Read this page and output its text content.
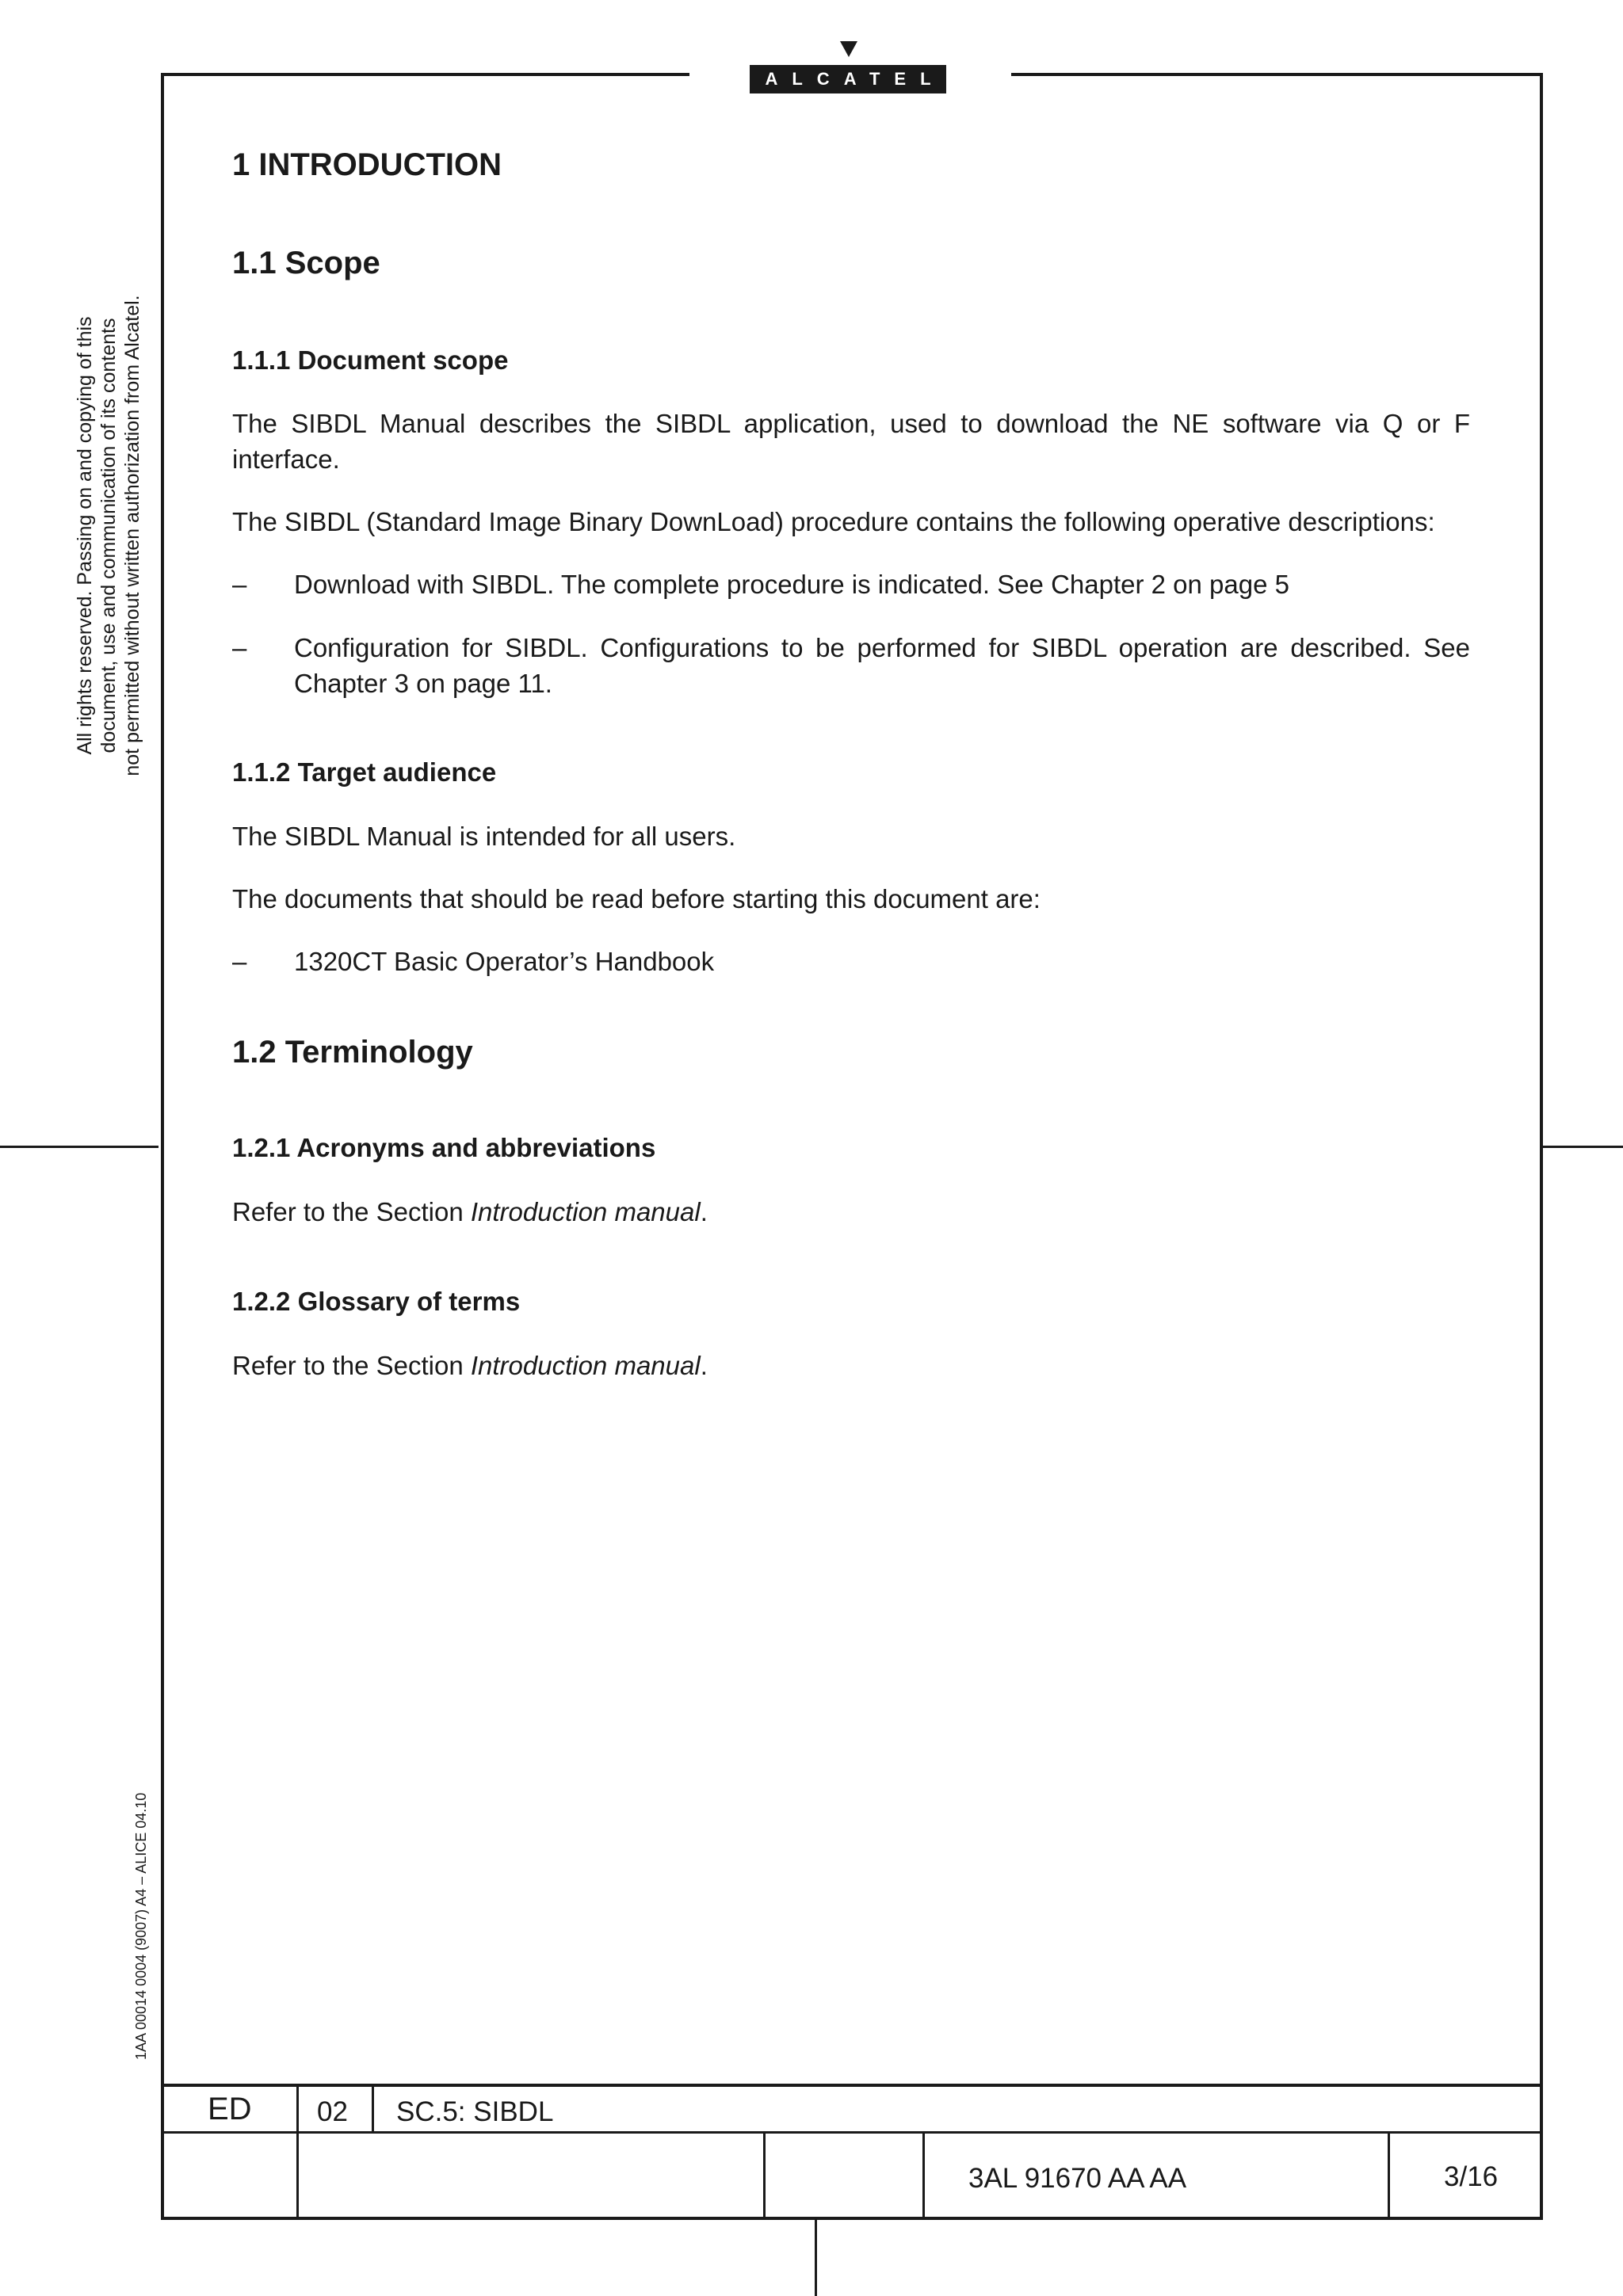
ALCATEL
All rights reserved. Passing on and copying of this document, use and communication of its contents not permitted without written authorization from Alcatel.
1AA 00014 0004 (9007) A4 – ALICE 04.10
1 INTRODUCTION
1.1 Scope
1.1.1 Document scope
The SIBDL Manual describes the SIBDL application, used to download the NE software via Q or F interface.
The SIBDL (Standard Image Binary DownLoad) procedure contains the following operative descriptions:
– Download with SIBDL. The complete procedure is indicated. See Chapter 2 on page 5
– Configuration for SIBDL. Configurations to be performed for SIBDL operation are described. See Chapter 3 on page 11.
1.1.2 Target audience
The SIBDL Manual is intended for all users.
The documents that should be read before starting this document are:
– 1320CT Basic Operator’s Handbook
1.2 Terminology
1.2.1 Acronyms and abbreviations
Refer to the Section Introduction manual.
1.2.2 Glossary of terms
Refer to the Section Introduction manual.
ED 02 SC.5: SIBDL
3AL 91670 AA AA	3/16
